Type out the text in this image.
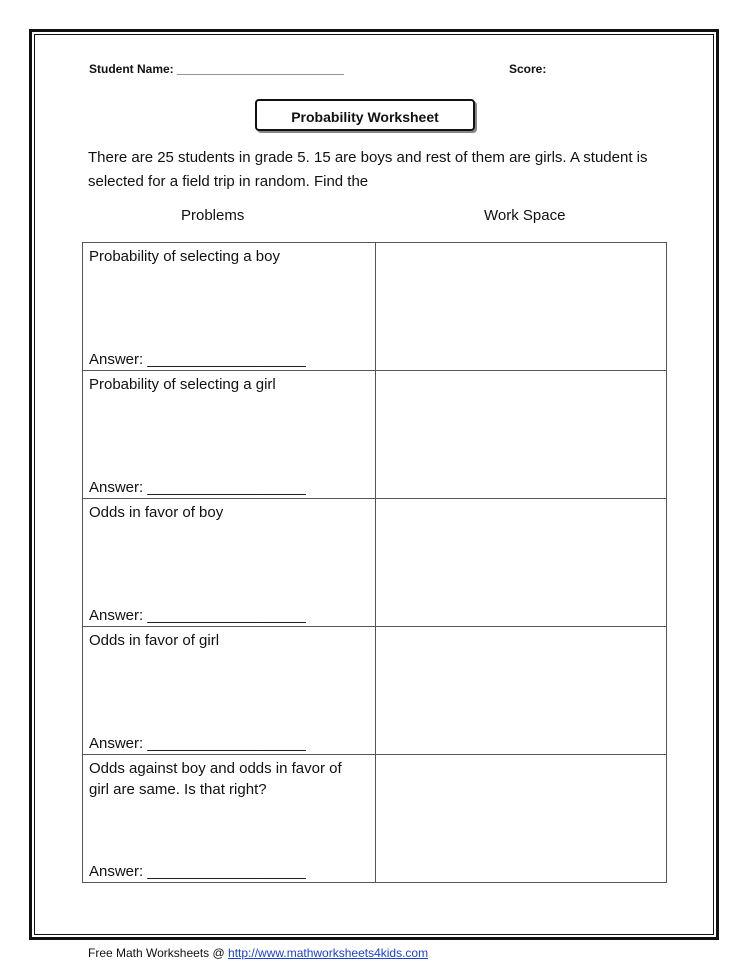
Student Name: _________________________	Score:
Probability Worksheet
There are 25 students in grade 5. 15 are boys and rest of them are girls. A student is selected for a field trip in random. Find the
Problems	Work Space
Probability of selecting a boy
Answer: ___________________	

Probability of selecting a girl
Answer: ___________________	

Odds in favor of boy
Answer: ___________________	

Odds in favor of girl
Answer: ___________________	

Odds against boy and odds in favor of girl are same. Is that right?
Answer: ___________________	

Free Math Worksheets @ http://www.mathworksheets4kids.com
